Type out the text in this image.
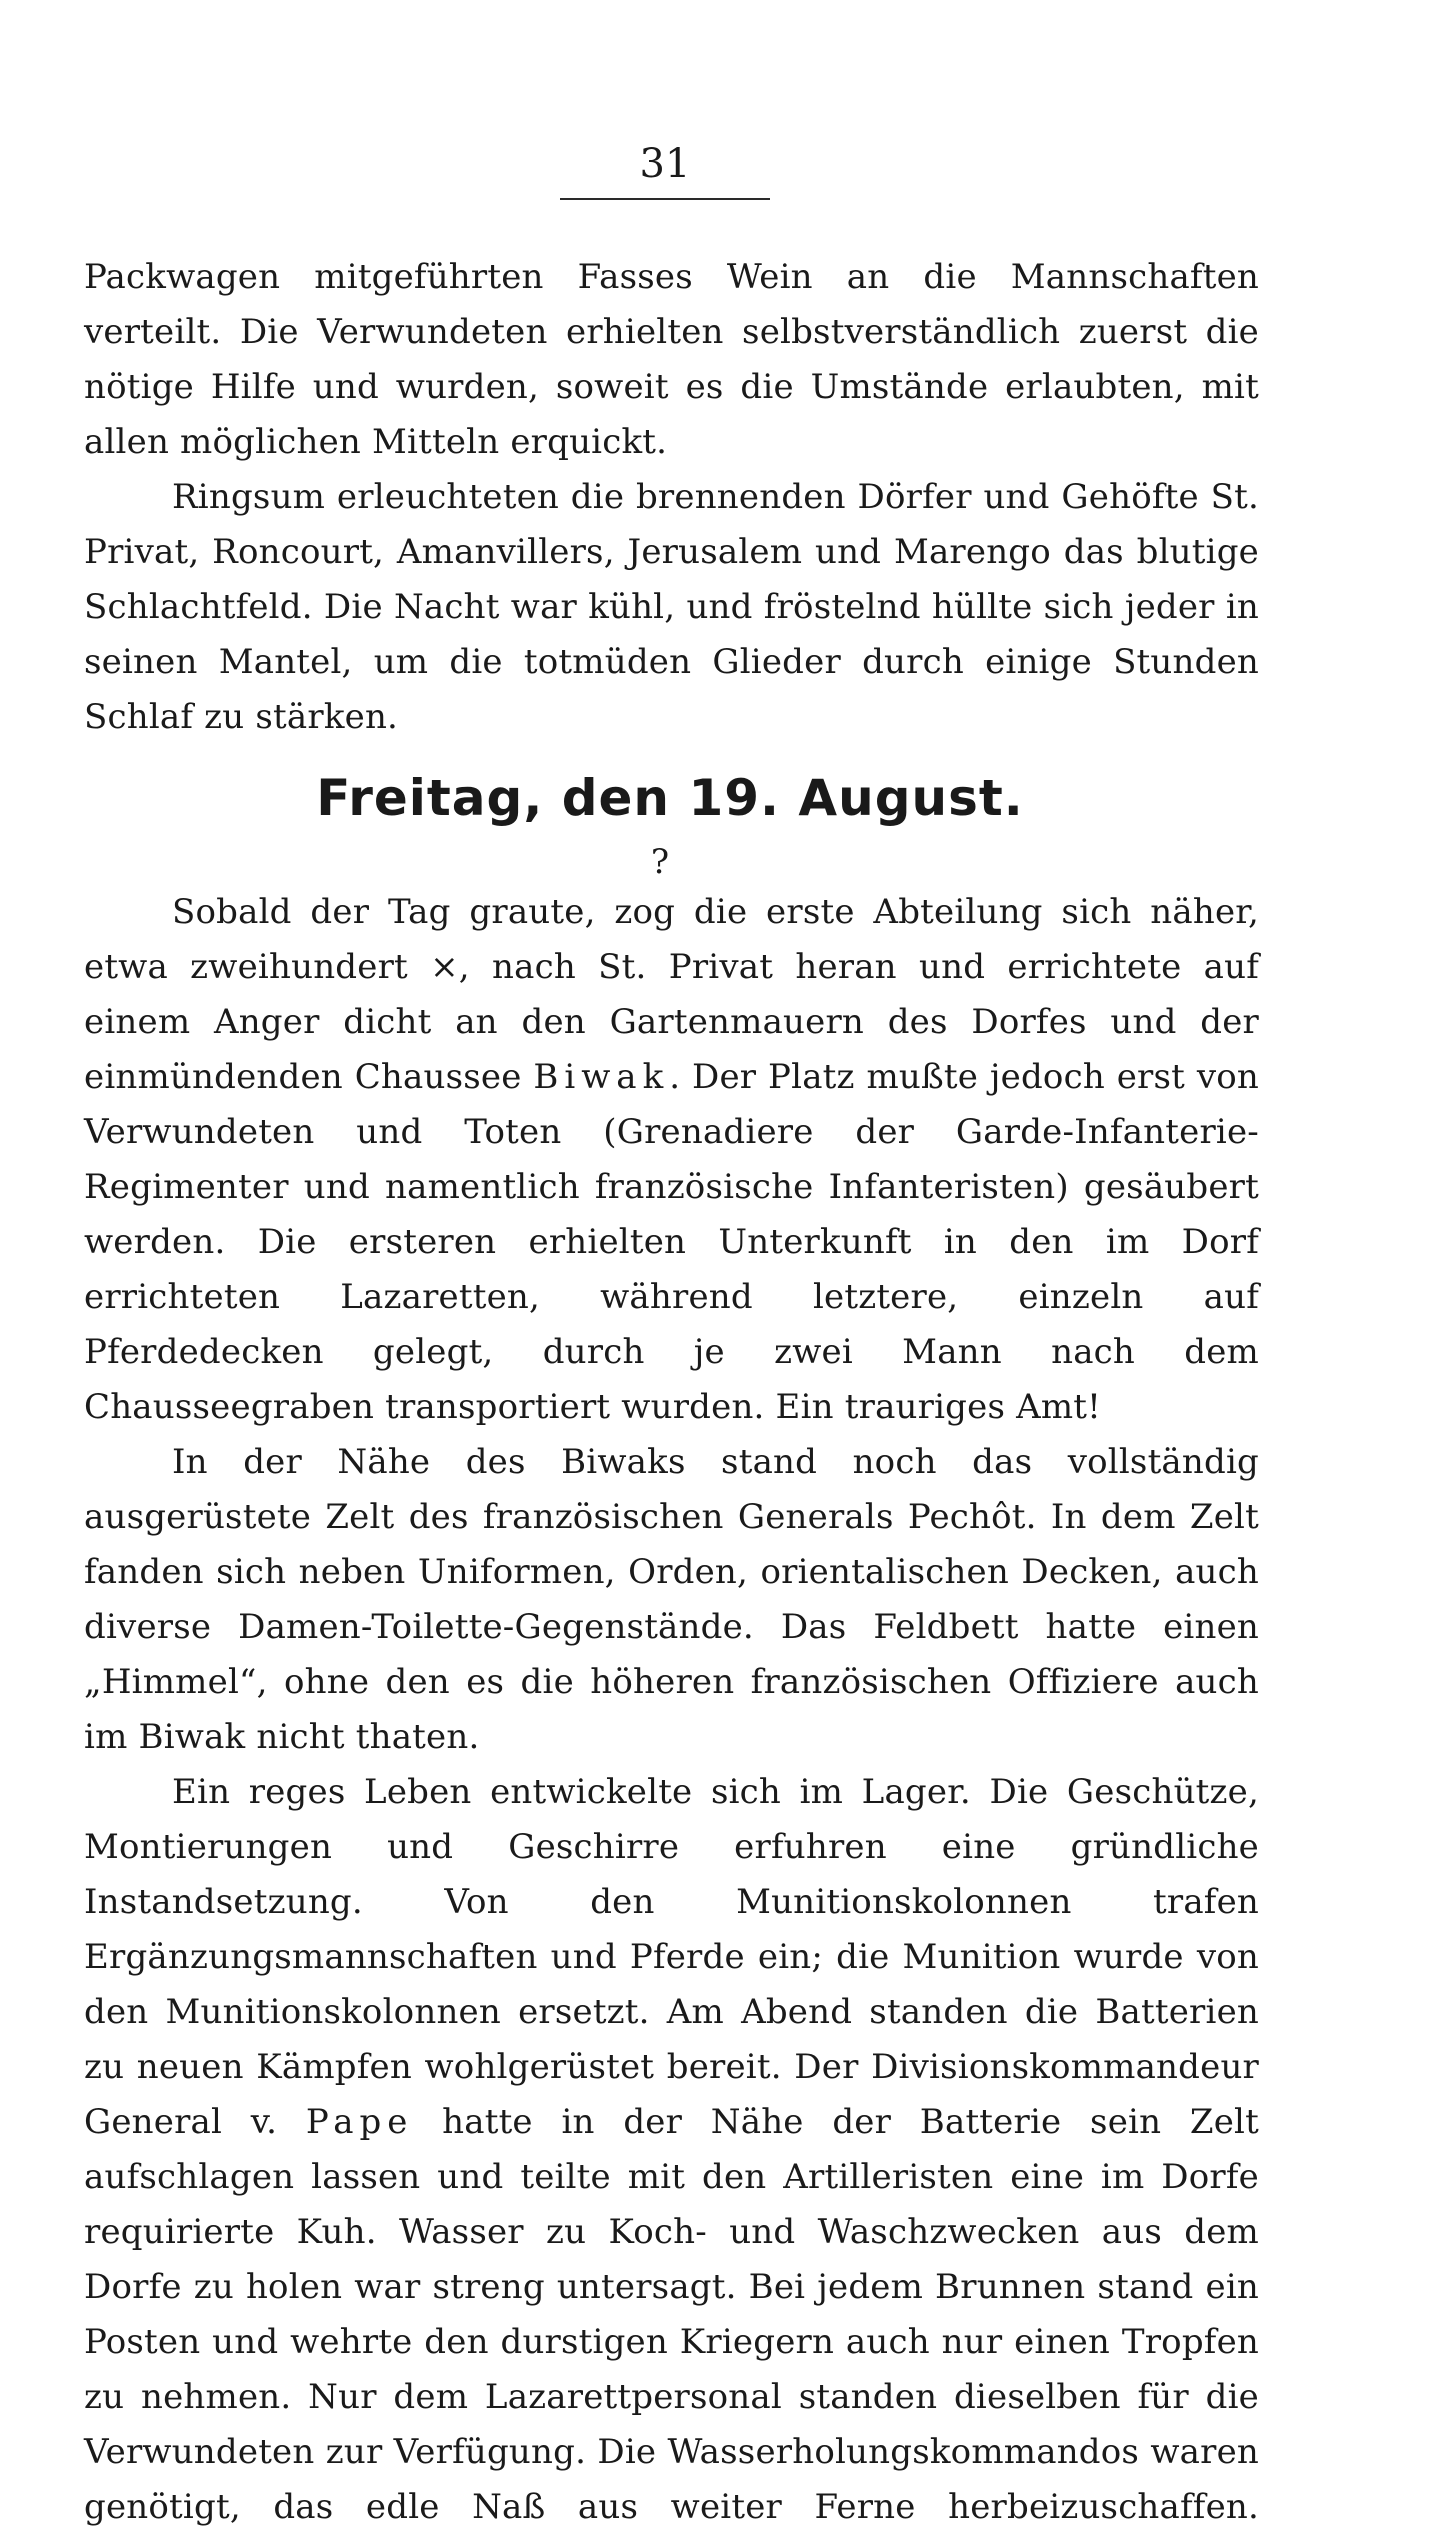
31

Packwagen mitgeführten Fasses Wein an die Mannschaften verteilt. Die Verwundeten erhielten selbstverständlich zuerst die nötige Hilfe und wurden, soweit es die Umstände erlaubten, mit allen möglichen Mitteln erquickt.

Ringsum erleuchteten die brennenden Dörfer und Gehöfte St. Privat, Roncourt, Amanvillers, Jerusalem und Marengo das blutige Schlachtfeld. Die Nacht war kühl, und fröstelnd hüllte sich jeder in seinen Mantel, um die totmüden Glieder durch einige Stunden Schlaf zu stärken.

Freitag, den 19. August.
?

Sobald der Tag graute, zog die erste Abteilung sich näher, etwa zweihundert ×, nach St. Privat heran und errichtete auf einem Anger dicht an den Gartenmauern des Dorfes und der einmündenden Chaussee Biwak. Der Platz mußte jedoch erst von Verwundeten und Toten (Grenadiere der Garde-Infanterie-Regimenter und namentlich französische Infanteristen) gesäubert werden. Die ersteren erhielten Unterkunft in den im Dorf errichteten Lazaretten, während letztere, einzeln auf Pferdedecken gelegt, durch je zwei Mann nach dem Chausseegraben transportiert wurden. Ein trauriges Amt!

In der Nähe des Biwaks stand noch das vollständig ausgerüstete Zelt des französischen Generals Pechôt. In dem Zelt fanden sich neben Uniformen, Orden, orientalischen Decken, auch diverse Damen-Toilette-Gegenstände. Das Feldbett hatte einen „Himmel“, ohne den es die höheren französischen Offiziere auch im Biwak nicht thaten.

Ein reges Leben entwickelte sich im Lager. Die Geschütze, Montierungen und Geschirre erfuhren eine gründliche Instandsetzung. Von den Munitionskolonnen trafen Ergänzungsmannschaften und Pferde ein; die Munition wurde von den Munitionskolonnen ersetzt. Am Abend standen die Batterien zu neuen Kämpfen wohlgerüstet bereit. Der Divisionskommandeur General v. Pape hatte in der Nähe der Batterie sein Zelt aufschlagen lassen und teilte mit den Artilleristen eine im Dorfe requirierte Kuh. Wasser zu Koch- und Waschzwecken aus dem Dorfe zu holen war streng untersagt. Bei jedem Brunnen stand ein Posten und wehrte den durstigen Kriegern auch nur einen Tropfen zu nehmen. Nur dem Lazarettpersonal standen dieselben für die Verwundeten zur Verfügung. Die Wasserholungskommandos waren genötigt, das edle Naß aus weiter Ferne herbeizuschaffen.
